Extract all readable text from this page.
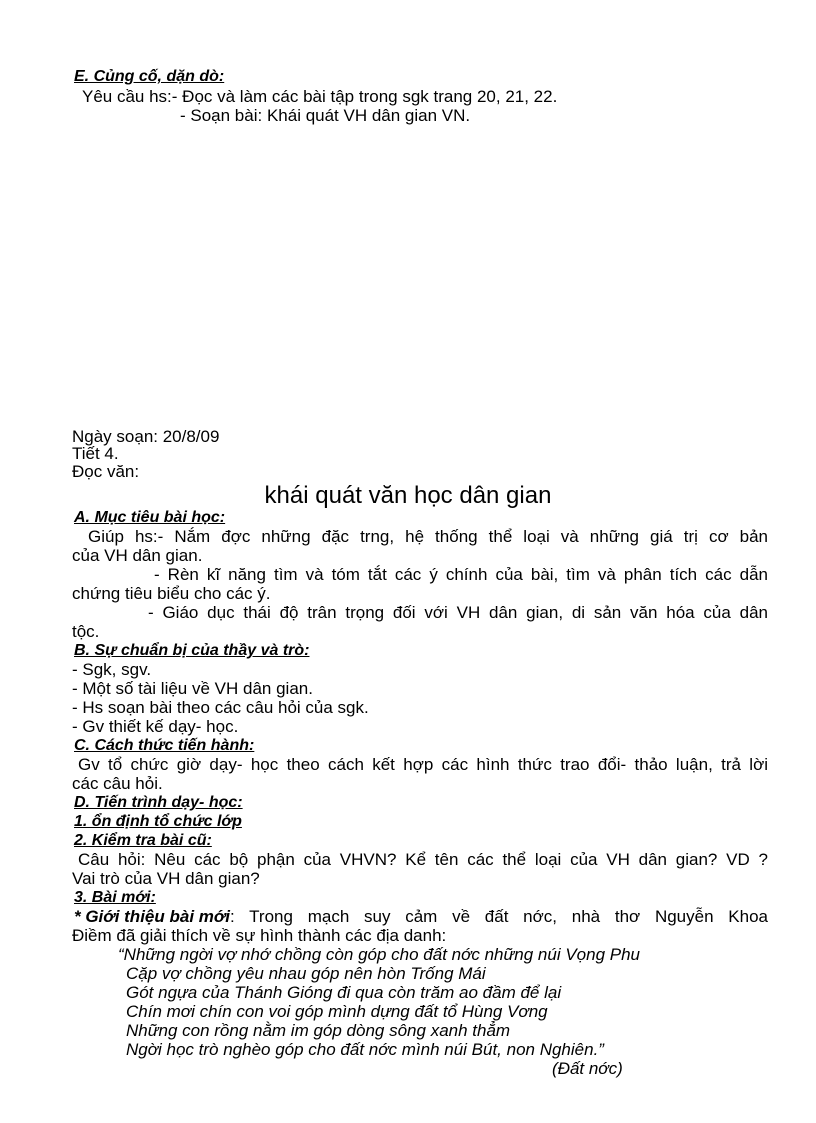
E. Củng cố, dặn dò:
Yêu cầu hs:- Đọc và làm các bài tập trong sgk trang 20, 21, 22.
- Soạn bài: Khái quát VH dân gian VN.
Ngày soạn: 20/8/09
Tiết 4.
Đọc văn:
khái quát văn học dân gian
A. Mục tiêu bài học:
Giúp hs:- Nắm đợc những đặc trng, hệ thống thể loại và những giá trị cơ bản
của VH dân gian.
- Rèn kĩ năng tìm và tóm tắt các ý chính của bài, tìm và phân tích các dẫn
chứng tiêu biểu cho các ý.
- Giáo dục thái độ trân trọng đối với VH dân gian, di sản văn hóa của dân
tộc.
B. Sự chuẩn bị của thầy và trò:
- Sgk, sgv.
- Một số tài liệu về VH dân gian.
- Hs soạn bài theo các câu hỏi của sgk.
- Gv thiết kế dạy- học.
C. Cách thức tiến hành:
Gv tổ chức giờ dạy- học theo cách kết hợp các hình thức trao đổi- thảo luận, trả lời
các câu hỏi.
D. Tiến trình dạy- học:
1. ổn định tổ chức lớp
2. Kiểm tra bài cũ:
Câu hỏi: Nêu các bộ phận của VHVN? Kể tên các thể loại của VH dân gian? VD ?
Vai trò của VH dân gian?
3. Bài mới:
* Giới thiệu bài mới : Trong mạch suy cảm về đất nớc, nhà thơ Nguyễn Khoa
Điềm đã giải thích về sự hình thành các địa danh:
“Những ngời vợ nhớ chồng còn góp cho đất nớc những núi Vọng Phu
Cặp vợ chồng yêu nhau góp nên hòn Trống Mái
Gót ngựa của Thánh Gióng đi qua còn trăm ao đầm để lại
Chín mơi chín con voi góp mình dựng đất tổ Hùng Vơng
Những con rồng nằm im góp dòng sông xanh thẳm
Ngời học trò nghèo góp cho đất nớc mình núi Bút, non Nghiên.”
(Đất nớc)
